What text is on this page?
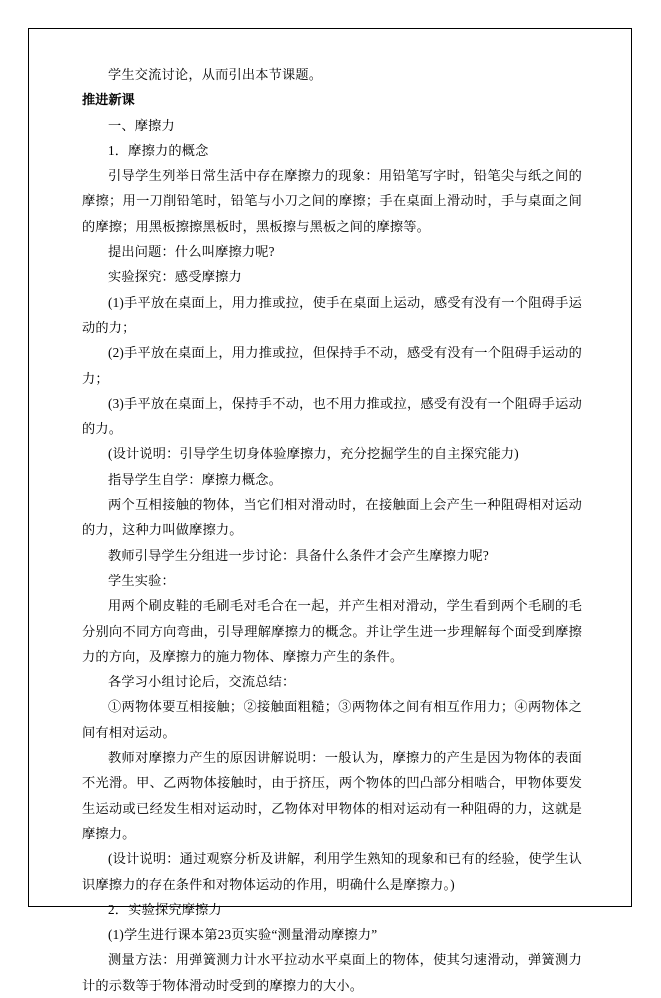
学生交流讨论，从而引出本节课题。
推进新课
一、摩擦力
1．摩擦力的概念
引导学生列举日常生活中存在摩擦力的现象：用铅笔写字时，铅笔尖与纸之间的摩擦；用一刀削铅笔时，铅笔与小刀之间的摩擦；手在桌面上滑动时，手与桌面之间的摩擦；用黑板擦擦黑板时，黑板擦与黑板之间的摩擦等。
提出问题：什么叫摩擦力呢?
实验探究：感受摩擦力
(1)手平放在桌面上，用力推或拉，使手在桌面上运动，感受有没有一个阻碍手运动的力；
(2)手平放在桌面上，用力推或拉，但保持手不动，感受有没有一个阻碍手运动的力；
(3)手平放在桌面上，保持手不动，也不用力推或拉，感受有没有一个阻碍手运动的力。
(设计说明：引导学生切身体验摩擦力，充分挖掘学生的自主探究能力)
指导学生自学：摩擦力概念。
两个互相接触的物体，当它们相对滑动时，在接触面上会产生一种阻碍相对运动的力，这种力叫做摩擦力。
教师引导学生分组进一步讨论：具备什么条件才会产生摩擦力呢?
学生实验：
用两个刷皮鞋的毛刷毛对毛合在一起，并产生相对滑动，学生看到两个毛刷的毛分别向不同方向弯曲，引导理解摩擦力的概念。并让学生进一步理解每个面受到摩擦力的方向，及摩擦力的施力物体、摩擦力产生的条件。
各学习小组讨论后，交流总结：
①两物体要互相接触；②接触面粗糙；③两物体之间有相互作用力；④两物体之间有相对运动。
教师对摩擦力产生的原因讲解说明：一般认为，摩擦力的产生是因为物体的表面不光滑。甲、乙两物体接触时，由于挤压，两个物体的凹凸部分相啮合，甲物体要发生运动或已经发生相对运动时，乙物体对甲物体的相对运动有一种阻碍的力，这就是摩擦力。
(设计说明：通过观察分析及讲解，利用学生熟知的现象和已有的经验，使学生认识摩擦力的存在条件和对物体运动的作用，明确什么是摩擦力。)
2．实验探究摩擦力
(1)学生进行课本第23页实验“测量滑动摩擦力”
测量方法：用弹簧测力计水平拉动水平桌面上的物体，使其匀速滑动，弹簧测力计的示数等于物体滑动时受到的摩擦力的大小。
